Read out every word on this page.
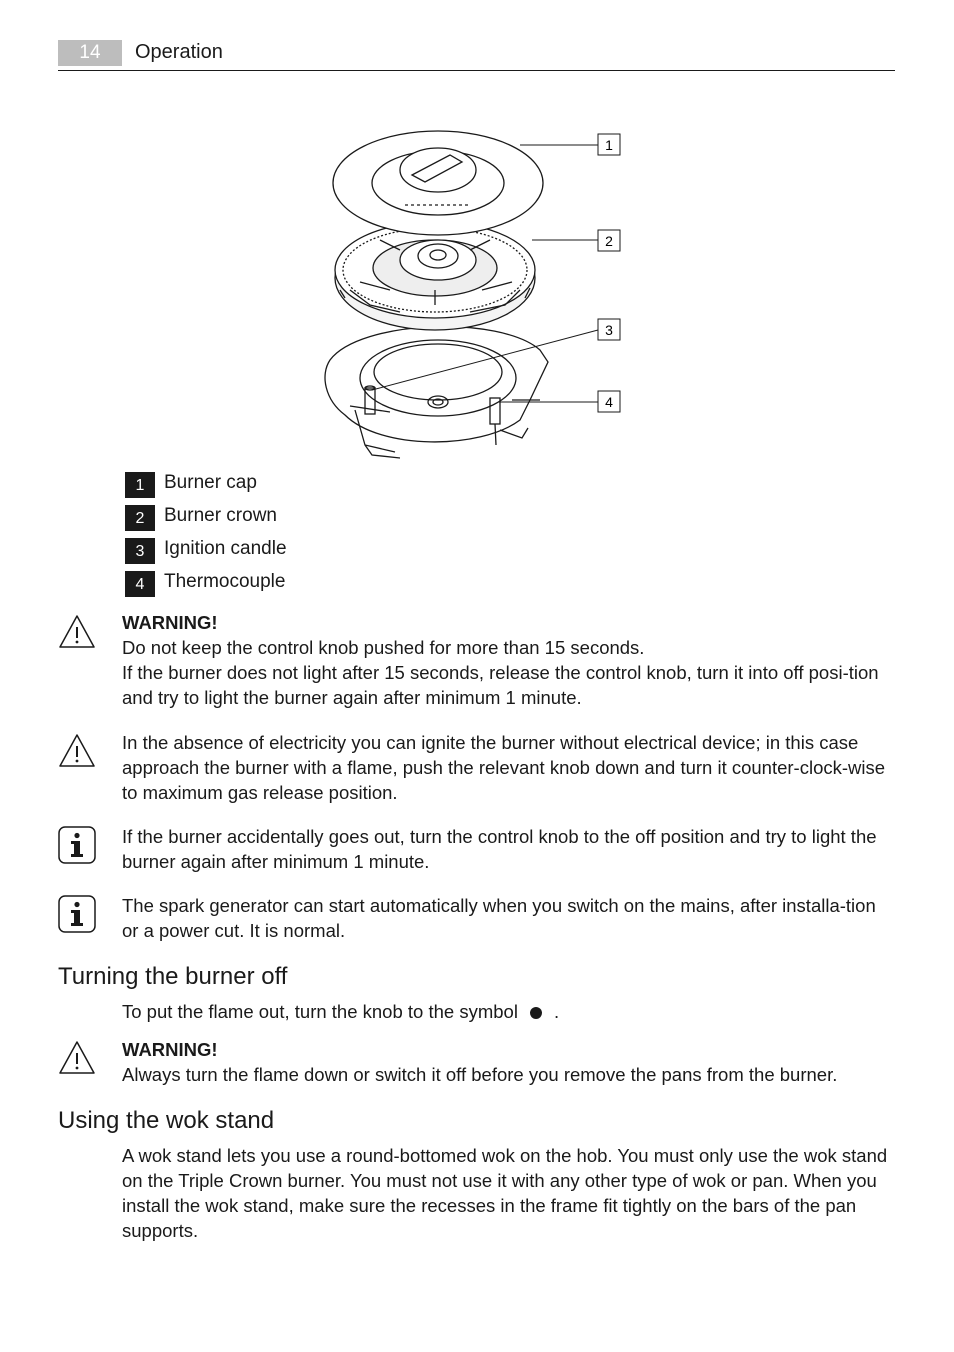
14	Operation
1
2
3
4
1	Burner cap
2	Burner crown
3	Ignition candle
4	Thermocouple

WARNING!

Do not keep the control knob pushed for more than 15 seconds.

If the burner does not light after 15 seconds, release the control knob, turn it into off posi-tion and try to light the burner again after minimum 1 minute.

In the absence of electricity you can ignite the burner without electrical device; in this case approach the burner with a flame, push the relevant knob down and turn it counter-clock-wise to maximum gas release position.

If the burner accidentally goes out, turn the control knob to the off position and try to light the burner again after minimum 1 minute.

The spark generator can start automatically when you switch on the mains, after installa-tion or a power cut. It is normal.

Turning the burner off

To put the flame out, turn the knob to the symbol .

WARNING!

Always turn the flame down or switch it off before you remove the pans from the burner.

Using the wok stand

A wok stand lets you use a round-bottomed wok on the hob. You must only use the wok stand on the Triple Crown burner. You must not use it with any other type of wok or pan. When you install the wok stand, make sure the recesses in the frame fit tightly on the bars of the pan supports.
